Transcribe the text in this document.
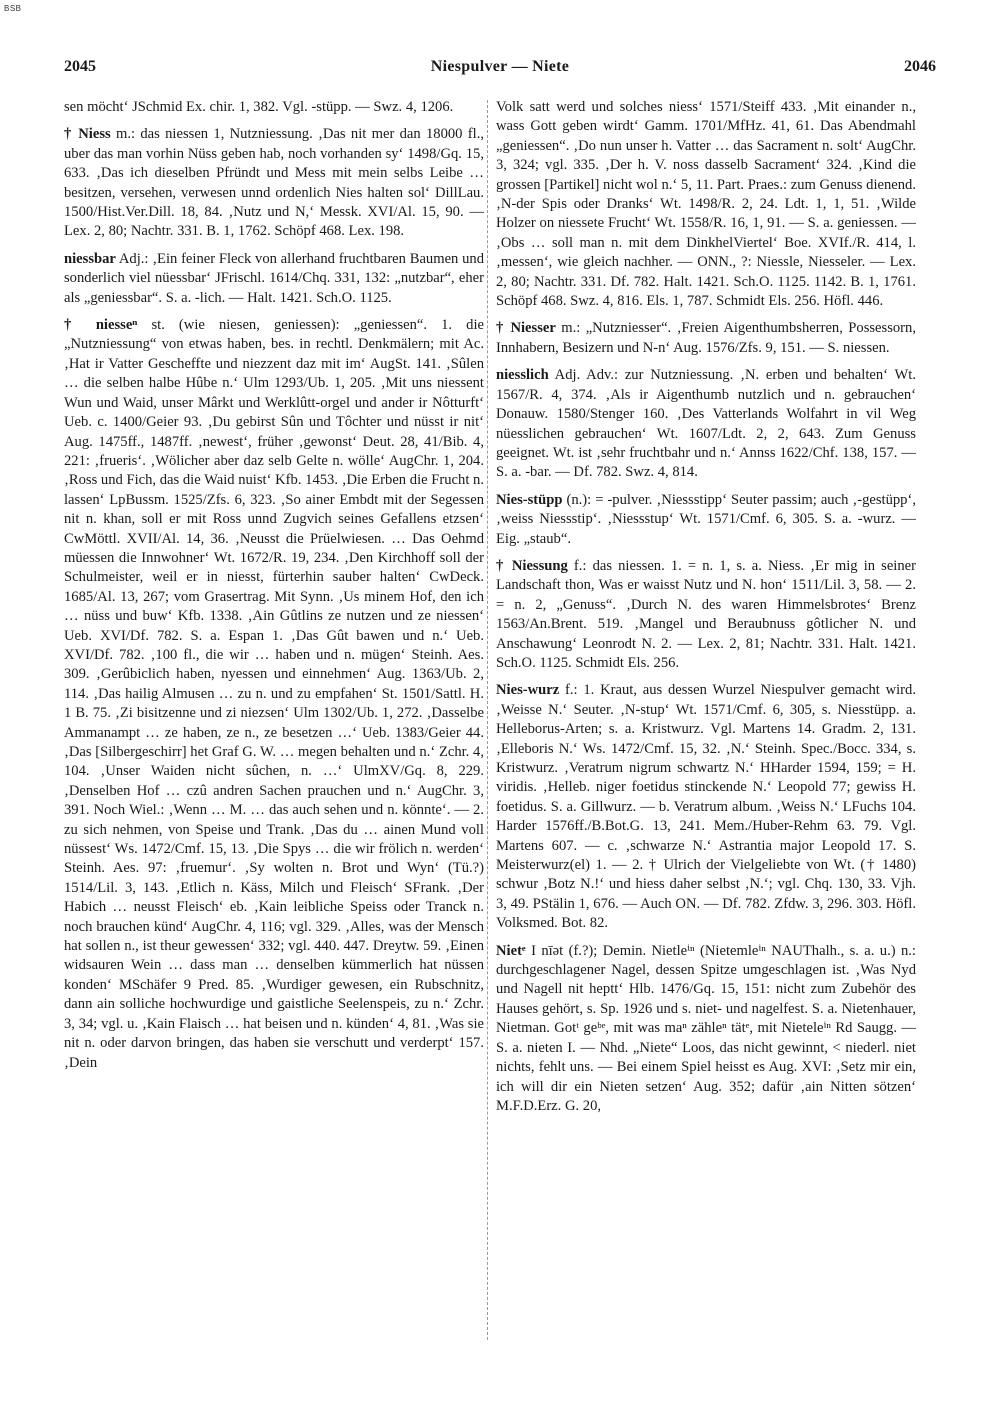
BSB
2045	Niespulver — Niete	2046

sen möcht‘ JSchmid Ex. chir. 1, 382. Vgl. -stüpp. — Swz. 4, 1206.

† Niess m.: das niessen 1, Nutzniessung. ‚Das nit mer dan 18000 fl., uber das man vorhin Nüss geben hab, noch vorhanden sy‘ 1498/Gq. 15, 633. ‚Das ich dieselben Pfründt und Mess mit mein selbs Leibe … besitzen, versehen, verwesen unnd ordenlich Nies halten sol‘ DillLau. 1500/Hist.Ver.Dill. 18, 84. ‚Nutz und N,‘ Messk. XVI/Al. 15, 90. — Lex. 2, 80; Nachtr. 331. B. 1, 1762. Schöpf 468. Lex. 198.

niessbar Adj.: ‚Ein feiner Fleck von allerhand fruchtbaren Baumen und sonderlich viel nüessbar‘ JFrischl. 1614/Chq. 331, 132: „nutzbar“, eher als „geniessbar“. S. a. -lich. — Halt. 1421. Sch.O. 1125.

† niesseⁿ st. (wie niesen, geniessen): „geniessen“. 1. die „Nutzniessung“ von etwas haben, bes. in rechtl. Denkmälern; mit Ac. ‚Hat ir Vatter Gescheffte und niezzent daz mit im‘ AugSt. 141. ‚Sûlen … die selben halbe Hûbe n.‘ Ulm 1293/Ub. 1, 205. ‚Mit uns niessent Wun und Waid, unser Mârkt und Werklûtt-orgel und ander ir Nôtturft‘ Ueb. c. 1400/Geier 93. ‚Du gebirst Sûn und Tôchter und nüsst ir nit‘ Aug. 1475ff., 1487ff. ‚newest‘, früher ‚gewonst‘ Deut. 28, 41/Bib. 4, 221: ‚frueris‘. ‚Wölicher aber daz selb Gelte n. wölle‘ AugChr. 1, 204. ‚Ross und Fich, das die Waid nuist‘ Kfb. 1453. ‚Die Erben die Frucht n. lassen‘ LpBussm. 1525/Zfs. 6, 323. ‚So ainer Embdt mit der Segessen nit n. khan, soll er mit Ross unnd Zugvich seines Gefallens etzsen‘ CwMöttl. XVII/Al. 14, 36. ‚Neusst die Prüelwiesen. … Das Oehmd müessen die Innwohner‘ Wt. 1672/R. 19, 234. ‚Den Kirchhoff soll der Schulmeister, weil er in niesst, fürterhin sauber halten‘ CwDeck. 1685/Al. 13, 267; vom Grasertrag. Mit Synn. ‚Us minem Hof, den ich … nüss und buw‘ Kfb. 1338. ‚Ain Gûtlins ze nutzen und ze niessen‘ Ueb. XVI/Df. 782. S. a. Espan 1. ‚Das Gût bawen und n.‘ Ueb. XVI/Df. 782. ‚100 fl., die wir … haben und n. mügen‘ Steinh. Aes. 309. ‚Gerûbiclich haben, nyessen und einnehmen‘ Aug. 1363/Ub. 2, 114. ‚Das hailig Almusen … zu n. und zu empfahen‘ St. 1501/Sattl. H. 1 B. 75. ‚Zi bisitzenne und zi niezsen‘ Ulm 1302/Ub. 1, 272. ‚Dasselbe Ammanampt … ze haben, ze n., ze besetzen …‘ Ueb. 1383/Geier 44. ‚Das [Silbergeschirr] het Graf G. W. … megen behalten und n.‘ Zchr. 4, 104. ‚Unser Waiden nicht sûchen, n. …‘ UlmXV/Gq. 8, 229. ‚Denselben Hof … czû andren Sachen prauchen und n.‘ AugChr. 3, 391. Noch Wiel.: ‚Wenn … M. … das auch sehen und n. könnte‘. — 2. zu sich nehmen, von Speise und Trank. ‚Das du … ainen Mund voll nüssest‘ Ws. 1472/Cmf. 15, 13. ‚Die Spys … die wir frölich n. werden‘ Steinh. Aes. 97: ‚fruemur‘. ‚Sy wolten n. Brot und Wyn‘ (Tü.?) 1514/Lil. 3, 143. ‚Etlich n. Käss, Milch und Fleisch‘ SFrank. ‚Der Habich … neusst Fleisch‘ eb. ‚Kain leibliche Speiss oder Tranck n. noch brauchen künd‘ AugChr. 4, 116; vgl. 329. ‚Alles, was der Mensch hat sollen n., ist theur gewessen‘ 332; vgl. 440. 447. Dreytw. 59. ‚Einen widsauren Wein … dass man … denselben kümmerlich hat nüssen konden‘ MSchäfer 9 Pred. 85. ‚Wurdiger gewesen, ein Rubschnitz, dann ain solliche hochwurdige und gaistliche Seelenspeis, zu n.‘ Zchr. 3, 34; vgl. u. ‚Kain Flaisch … hat beisen und n. künden‘ 4, 81. ‚Was sie nit n. oder darvon bringen, das haben sie verschutt und verderpt‘ 157. ‚Dein

Volk satt werd und solches niess‘ 1571/Steiff 433. ‚Mit einander n., wass Gott geben wirdt‘ Gamm. 1701/MfHz. 41, 61. Das Abendmahl „geniessen“. ‚Do nun unser h. Vatter … das Sacrament n. solt‘ AugChr. 3, 324; vgl. 335. ‚Der h. V. noss dasselb Sacrament‘ 324. ‚Kind die grossen [Partikel] nicht wol n.‘ 5, 11. Part. Praes.: zum Genuss dienend. ‚N-der Spis oder Dranks‘ Wt. 1498/R. 2, 24. Ldt. 1, 1, 51. ‚Wilde Holzer on niessete Frucht‘ Wt. 1558/R. 16, 1, 91. — S. a. geniessen. — ‚Obs … soll man n. mit dem DinkhelViertel‘ Boe. XVIf./R. 414, l. ‚messen‘, wie gleich nachher. — ONN., ?: Niessle, Niesseler. — Lex. 2, 80; Nachtr. 331. Df. 782. Halt. 1421. Sch.O. 1125. 1142. B. 1, 1761. Schöpf 468. Swz. 4, 816. Els. 1, 787. Schmidt Els. 256. Höfl. 446.

† Niesser m.: „Nutzniesser“. ‚Freien Aigenthumbsherren, Possessorn, Innhabern, Besizern und N-n‘ Aug. 1576/Zfs. 9, 151. — S. niessen.

niesslich Adj. Adv.: zur Nutzniessung. ‚N. erben und behalten‘ Wt. 1567/R. 4, 374. ‚Als ir Aigenthumb nutzlich und n. gebrauchen‘ Donauw. 1580/Stenger 160. ‚Des Vatterlands Wolfahrt in vil Weg nüesslichen gebrauchen‘ Wt. 1607/Ldt. 2, 2, 643. Zum Genuss geeignet. Wt. ist ‚sehr fruchtbahr und n.‘ Annss 1622/Chf. 138, 157. — S. a. -bar. — Df. 782. Swz. 4, 814.

Nies-stüpp (n.): = -pulver. ‚Niessstipp‘ Seuter passim; auch ‚-gestüpp‘, ‚weiss Niessstip‘. ‚Niessstup‘ Wt. 1571/Cmf. 6, 305. S. a. -wurz. — Eig. „staub“.

† Niessung f.: das niessen. 1. = n. 1, s. a. Niess. ‚Er mig in seiner Landschaft thon, Was er waisst Nutz und N. hon‘ 1511/Lil. 3, 58. — 2. = n. 2, „Genuss“. ‚Durch N. des waren Himmelsbrotes‘ Brenz 1563/An.Brent. 519. ‚Mangel und Beraubnuss gôtlicher N. und Anschawung‘ Leonrodt N. 2. — Lex. 2, 81; Nachtr. 331. Halt. 1421. Sch.O. 1125. Schmidt Els. 256.

Nies-wurz f.: 1. Kraut, aus dessen Wurzel Niespulver gemacht wird. ‚Weisse N.‘ Seuter. ‚N-stup‘ Wt. 1571/Cmf. 6, 305, s. Niesstüpp. a. Helleborus-Arten; s. a. Kristwurz. Vgl. Martens 14. Gradm. 2, 131. ‚Elleboris N.‘ Ws. 1472/Cmf. 15, 32. ‚N.‘ Steinh. Spec./Bocc. 334, s. Kristwurz. ‚Veratrum nigrum schwartz N.‘ HHarder 1594, 159; = H. viridis. ‚Helleb. niger foetidus stinckende N.‘ Leopold 77; gewiss H. foetidus. S. a. Gillwurz. — b. Veratrum album. ‚Weiss N.‘ LFuchs 104. Harder 1576ff./B.Bot.G. 13, 241. Mem./Huber-Rehm 63. 79. Vgl. Martens 607. — c. ‚schwarze N.‘ Astrantia major Leopold 17. S. Meisterwurz(el) 1. — 2. † Ulrich der Vielgeliebte von Wt. († 1480) schwur ‚Botz N.!‘ und hiess daher selbst ‚N.‘; vgl. Chq. 130, 33. Vjh. 3, 49. PStälin 1, 676. — Auch ON. — Df. 782. Zfdw. 3, 296. 303. Höfl. Volksmed. Bot. 82.

Nietᵉ I nīət (f.?); Demin. Nietleⁱⁿ (Nietemleⁱⁿ NAUThalh., s. a. u.) n.: durchgeschlagener Nagel, dessen Spitze umgeschlagen ist. ‚Was Nyd und Nagell nit heptt‘ Hlb. 1476/Gq. 15, 151: nicht zum Zubehör des Hauses gehört, s. Sp. 1926 und s. niet- und nagelfest. S. a. Nietenhauer, Nietman. Gotᵗ geᵇᵉ, mit was maⁿ zähleⁿ tätᵉ, mit Nieteleⁱⁿ Rd Saugg. — S. a. nieten I. — Nhd. „Niete“ Loos, das nicht gewinnt, < niederl. niet nichts, fehlt uns. — Bei einem Spiel heisst es Aug. XVI: ‚Setz mir ein, ich will dir ein Nieten setzen‘ Aug. 352; dafür ‚ain Nitten sötzen‘ M.F.D.Erz. G. 20,
